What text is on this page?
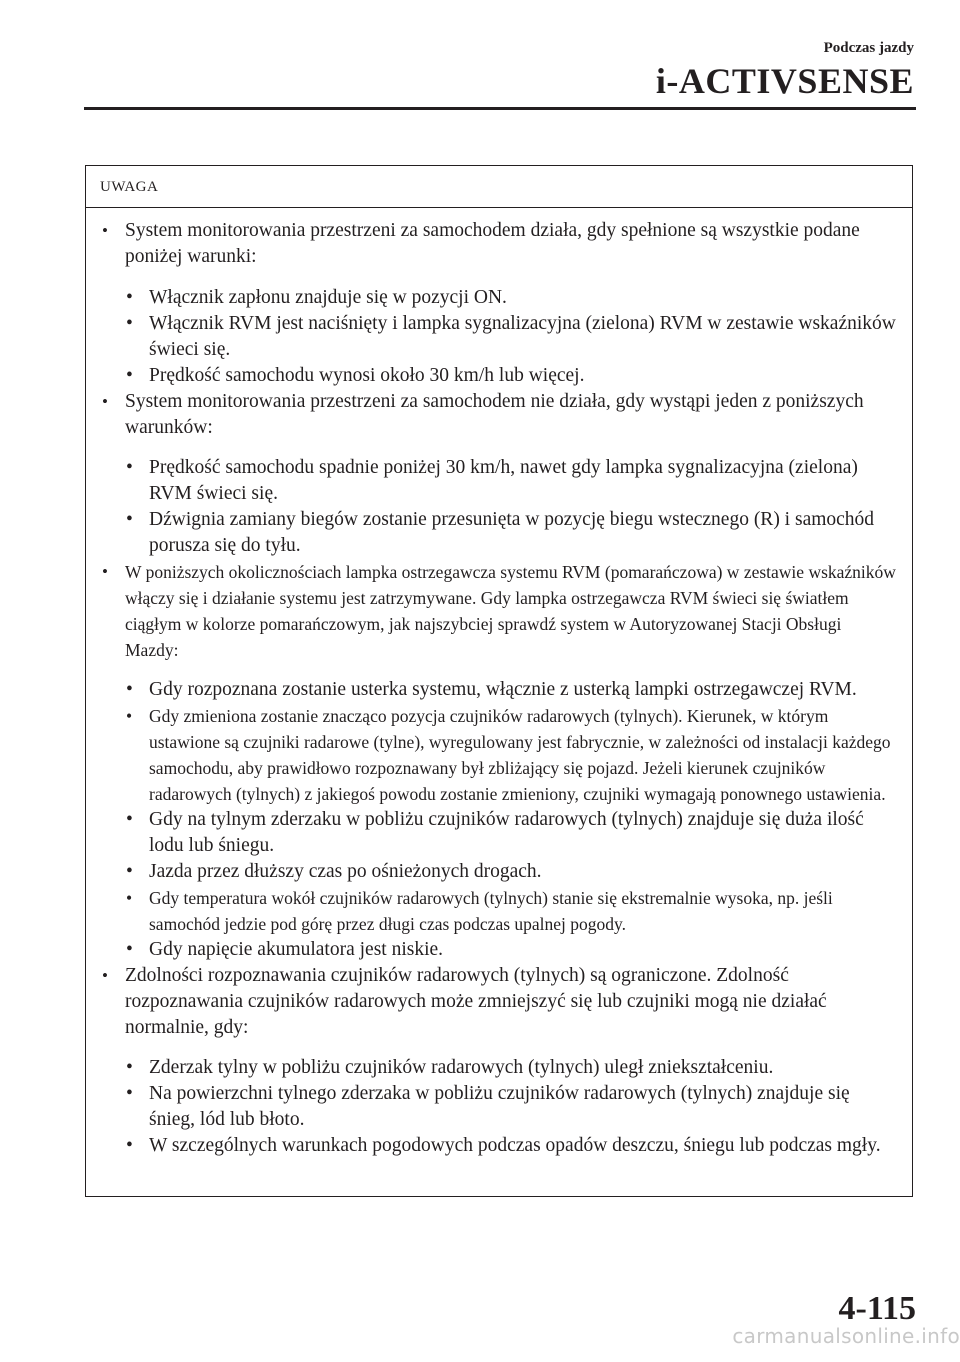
Podczas jazdy
i-ACTIVSENSE
UWAGA
• System monitorowania przestrzeni za samochodem działa, gdy spełnione są wszystkie podane poniżej warunki:
• Włącznik zapłonu znajduje się w pozycji ON.
• Włącznik RVM jest naciśnięty i lampka sygnalizacyjna (zielona) RVM w zestawie wskaźników świeci się.
• Prędkość samochodu wynosi około 30 km/h lub więcej.
• System monitorowania przestrzeni za samochodem nie działa, gdy wystąpi jeden z poniższych warunków:
• Prędkość samochodu spadnie poniżej 30 km/h, nawet gdy lampka sygnalizacyjna (zielona) RVM świeci się.
• Dźwignia zamiany biegów zostanie przesunięta w pozycję biegu wstecznego (R) i samochód porusza się do tyłu.
• W poniższych okolicznościach lampka ostrzegawcza systemu RVM (pomarańczowa) w zestawie wskaźników włączy się i działanie systemu jest zatrzymywane. Gdy lampka ostrzegawcza RVM świeci się światłem ciągłym w kolorze pomarańczowym, jak najszybciej sprawdź system w Autoryzowanej Stacji Obsługi Mazdy:
• Gdy rozpoznana zostanie usterka systemu, włącznie z usterką lampki ostrzegawczej RVM.
• Gdy zmieniona zostanie znacząco pozycja czujników radarowych (tylnych). Kierunek, w którym ustawione są czujniki radarowe (tylne), wyregulowany jest fabrycznie, w zależności od instalacji każdego samochodu, aby prawidłowo rozpoznawany był zbliżający się pojazd. Jeżeli kierunek czujników radarowych (tylnych) z jakiegoś powodu zostanie zmieniony, czujniki wymagają ponownego ustawienia.
• Gdy na tylnym zderzaku w pobliżu czujników radarowych (tylnych) znajduje się duża ilość lodu lub śniegu.
• Jazda przez dłuższy czas po ośnieżonych drogach.
• Gdy temperatura wokół czujników radarowych (tylnych) stanie się ekstremalnie wysoka, np. jeśli samochód jedzie pod górę przez długi czas podczas upalnej pogody.
• Gdy napięcie akumulatora jest niskie.
• Zdolności rozpoznawania czujników radarowych (tylnych) są ograniczone. Zdolność rozpoznawania czujników radarowych może zmniejszyć się lub czujniki mogą nie działać normalnie, gdy:
• Zderzak tylny w pobliżu czujników radarowych (tylnych) uległ zniekształceniu.
• Na powierzchni tylnego zderzaka w pobliżu czujników radarowych (tylnych) znajduje się śnieg, lód lub błoto.
• W szczególnych warunkach pogodowych podczas opadów deszczu, śniegu lub podczas mgły.
4-115
carmanualsonline.info
